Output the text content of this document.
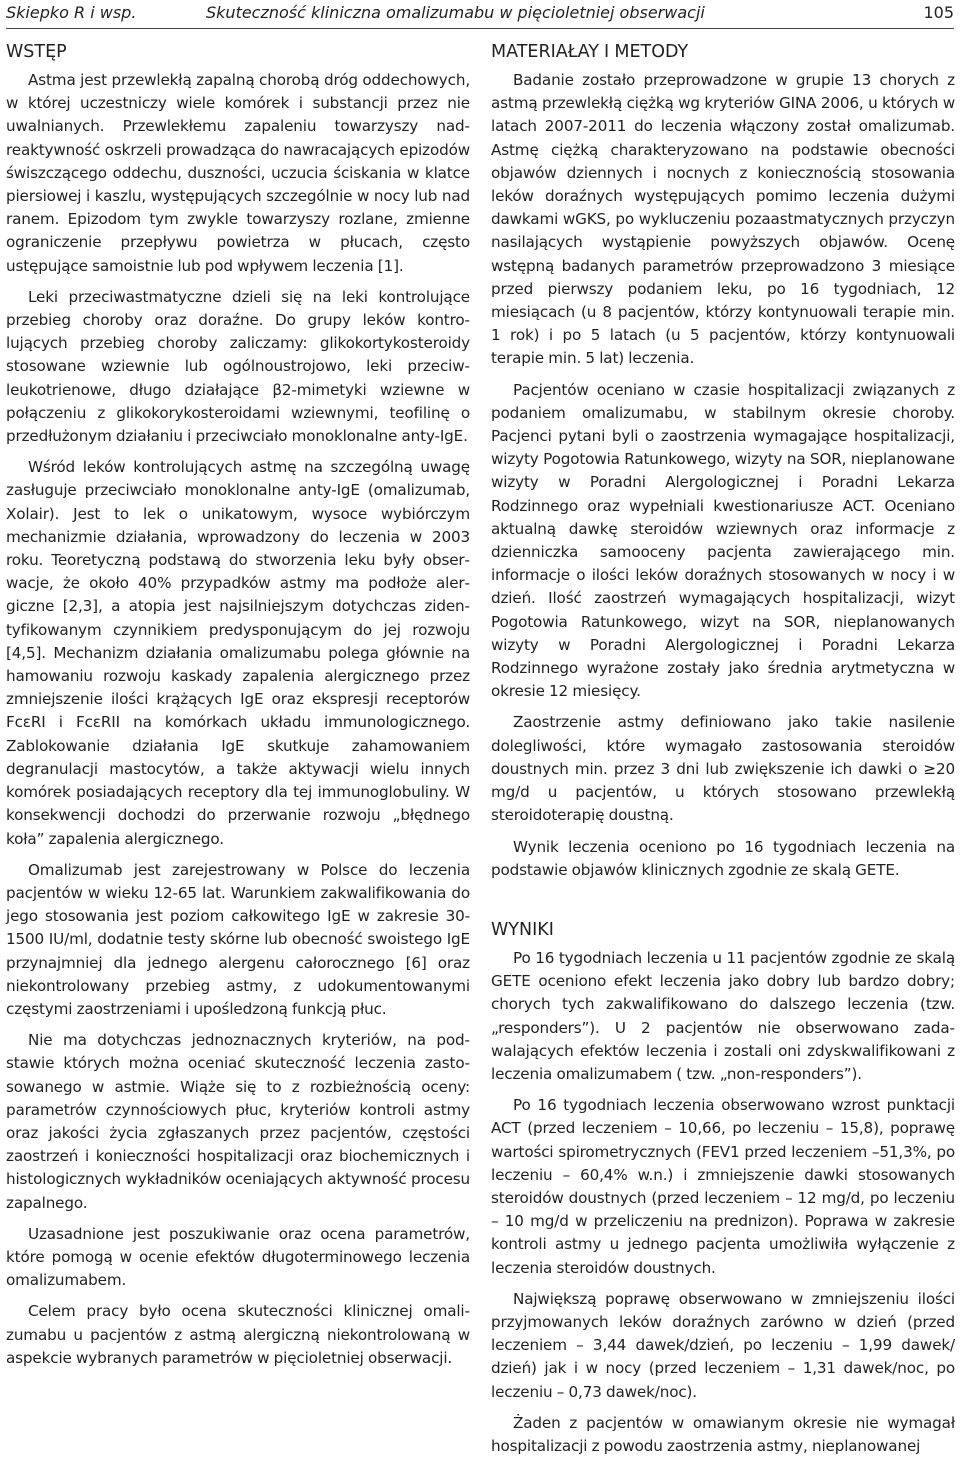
Skiepko R i wsp.	Skuteczność kliniczna omalizumabu w pięcioletniej obserwacji	105
WSTĘP

Astma jest przewlekłą zapalną chorobą dróg oddechowych, w której uczestniczy wiele komórek i substancji przez nie uwalnianych. Przewlekłemu zapaleniu towarzyszy nadreaktywność oskrzeli prowadząca do nawracających epizodów świszczącego oddechu, duszności, uczucia ściskania w klatce piersiowej i kaszlu, występujących szczególnie w nocy lub nad ranem. Epizodom tym zwykle towarzyszy rozlane, zmienne ograniczenie przepływu powietrza w płucach, często ustępujące samoistnie lub pod wpływem leczenia [1].

Leki przeciwastmatyczne dzieli się na leki kontrolujące przebieg choroby oraz doraźne. Do grupy leków kontrolujących przebieg choroby zaliczamy: glikokortykosteroidy stosowane wziewnie lub ogólnoustrojowo, leki przeciwleukotrienowe, długo działające β2-mimetyki wziewne w połączeniu z glikokorykosteroidami wziewnymi, teofilinę o przedłużonym działaniu i przeciwciało monoklonalne anty-IgE.

Wśród leków kontrolujących astmę na szczególną uwagę zasługuje przeciwciało monoklonalne anty-IgE (omalizumab, Xolair). Jest to lek o unikatowym, wysoce wybiórczym mechanizmie działania, wprowadzony do leczenia w 2003 roku. Teoretyczną podstawą do stworzenia leku były obserwacje, że około 40% przypadków astmy ma podłoże alergiczne [2,3], a atopia jest najsilniejszym dotychczas zidentyfikowanym czynnikiem predysponującym do jej rozwoju [4,5]. Mechanizm działania omalizumabu polega głównie na hamowaniu rozwoju kaskady zapalenia alergicznego przez zmniejszenie ilości krążących IgE oraz ekspresji receptorów FcεRI i FcεRII na komórkach układu immunologicznego. Zablokowanie działania IgE skutkuje zahamowaniem degranulacji mastocytów, a także aktywacji wielu innych komórek posiadających receptory dla tej immunoglobuliny. W konsekwencji dochodzi do przerwanie rozwoju „błędnego koła” zapalenia alergicznego.

Omalizumab jest zarejestrowany w Polsce do leczenia pacjentów w wieku 12-65 lat. Warunkiem zakwalifikowania do jego stosowania jest poziom całkowitego IgE w zakresie 30-1500 IU/ml, dodatnie testy skórne lub obecność swoistego IgE przynajmniej dla jednego alergenu całorocznego [6] oraz niekontrolowany przebieg astmy, z udokumentowanymi częstymi zaostrzeniami i upośledzoną funkcją płuc.

Nie ma dotychczas jednoznacznych kryteriów, na podstawie których można oceniać skuteczność leczenia zastosowanego w astmie. Wiąże się to z rozbieżnością oceny: parametrów czynnościowych płuc, kryteriów kontroli astmy oraz jakości życia zgłaszanych przez pacjentów, częstości zaostrzeń i konieczności hospitalizacji oraz biochemicznych i histologicznych wykładników oceniających aktywność procesu zapalnego.

Uzasadnione jest poszukiwanie oraz ocena parametrów, które pomogą w ocenie efektów długoterminowego leczenia omalizumabem.

Celem pracy było ocena skuteczności klinicznej omalizumabu u pacjentów z astmą alergiczną niekontrolowaną w aspekcie wybranych parametrów w pięcioletniej obserwacji.

MATERIAŁAY I METODY

Badanie zostało przeprowadzone w grupie 13 chorych z astmą przewlekłą ciężką wg kryteriów GINA 2006, u których w latach 2007-2011 do leczenia włączony został omalizumab. Astmę ciężką charakteryzowano na podstawie obecności objawów dziennych i nocnych z koniecznością stosowania leków doraźnych występujących pomimo leczenia dużymi dawkami wGKS, po wykluczeniu pozaastmatycznych przyczyn nasilających wystąpienie powyższych objawów. Ocenę wstępną badanych parametrów przeprowadzono 3 miesiące przed pierwszy podaniem leku, po 16 tygodniach, 12 miesiącach (u 8 pacjentów, którzy kontynuowali terapie min. 1 rok) i po 5 latach (u 5 pacjentów, którzy kontynuowali terapie min. 5 lat) leczenia.

Pacjentów oceniano w czasie hospitalizacji związanych z podaniem omalizumabu, w stabilnym okresie choroby. Pacjenci pytani byli o zaostrzenia wymagające hospitalizacji, wizyty Pogotowia Ratunkowego, wizyty na SOR, nieplanowane wizyty w Poradni Alergologicznej i Poradni Lekarza Rodzinnego oraz wypełniali kwestionariusze ACT. Oceniano aktualną dawkę steroidów wziewnych oraz informacje z dzienniczka samooceny pacjenta zawierającego min. informacje o ilości leków doraźnych stosowanych w nocy i w dzień. Ilość zaostrzeń wymagających hospitalizacji, wizyt Pogotowia Ratunkowego, wizyt na SOR, nieplanowanych wizyty w Poradni Alergologicznej i Poradni Lekarza Rodzinnego wyrażone zostały jako średnia arytmetyczna w okresie 12 miesięcy.

Zaostrzenie astmy definiowano jako takie nasilenie dolegliwości, które wymagało zastosowania steroidów doustnych min. przez 3 dni lub zwiększenie ich dawki o ≥20 mg/d u pacjentów, u których stosowano przewlekłą steroidoterapię doustną.

Wynik leczenia oceniono po 16 tygodniach leczenia na podstawie objawów klinicznych zgodnie ze skalą GETE.

WYNIKI

Po 16 tygodniach leczenia u 11 pacjentów zgodnie ze skalą GETE oceniono efekt leczenia jako dobry lub bardzo dobry; chorych tych zakwalifikowano do dalszego leczenia (tzw. „responders”). U 2 pacjentów nie obserwowano zadawalających efektów leczenia i zostali oni zdyskwalifikowani z leczenia omalizumabem ( tzw. „non-responders”).

Po 16 tygodniach leczenia obserwowano wzrost punktacji ACT (przed leczeniem – 10,66, po leczeniu – 15,8), poprawę wartości spirometrycznych (FEV1 przed leczeniem –51,3%, po leczeniu – 60,4% w.n.) i zmniejszenie dawki stosowanych steroidów doustnych (przed leczeniem – 12 mg/d, po leczeniu – 10 mg/d w przeliczeniu na prednizon). Poprawa w zakresie kontroli astmy u jednego pacjenta umożliwiła wyłączenie z leczenia steroidów doustnych.

Największą poprawę obserwowano w zmniejszeniu ilości przyjmowanych leków doraźnych zarówno w dzień (przed leczeniem – 3,44 dawek/dzień, po leczeniu – 1,99 dawek/ dzień) jak i w nocy (przed leczeniem – 1,31 dawek/noc, po leczeniu – 0,73 dawek/noc).

Żaden z pacjentów w omawianym okresie nie wymagał hospitalizacji z powodu zaostrzenia astmy, nieplanowanej
